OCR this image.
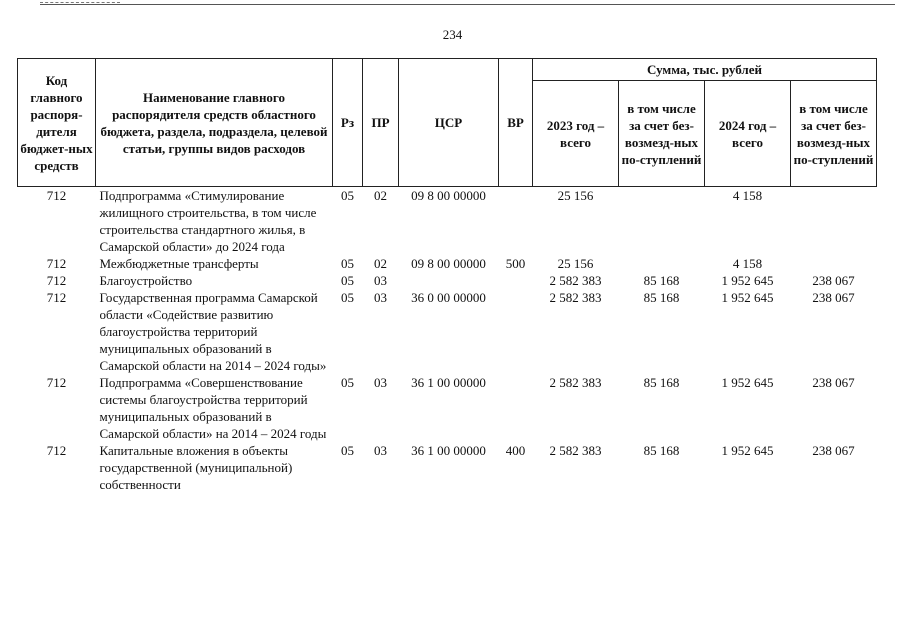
234
Код главного распоря-дителя бюджет-ных средств	Наименование главного распорядителя средств областного бюджета, раздела, подраздела, целевой статьи, группы видов расходов	Рз	ПР	ЦСР	ВР	Сумма, тыс. рублей			
						2023 год – всего	в том числе за счет без-возмезд-ных по-ступлений	2024 год – всего	в том числе за счет без-возмезд-ных по-ступлений
712	Подпрограмма «Стимулирование жилищного строительства, в том числе строительства стандартного жилья, в Самарской области» до 2024 года	05	02	09 8 00 00000		25 156		4 158	
712	Межбюджетные трансферты	05	02	09 8 00 00000	500	25 156		4 158	
712	Благоустройство	05	03			2 582 383	85 168	1 952 645	238 067
712	Государственная программа Самарской области «Содействие развитию благоустройства территорий муниципальных образований в Самарской области на 2014 – 2024 годы»	05	03	36 0 00 00000		2 582 383	85 168	1 952 645	238 067
712	Подпрограмма «Совершенствование системы благоустройства территорий муниципальных образований в Самарской области» на 2014 – 2024 годы	05	03	36 1 00 00000		2 582 383	85 168	1 952 645	238 067
712	Капитальные вложения в объекты государственной (муниципальной) собственности	05	03	36 1 00 00000	400	2 582 383	85 168	1 952 645	238 067
